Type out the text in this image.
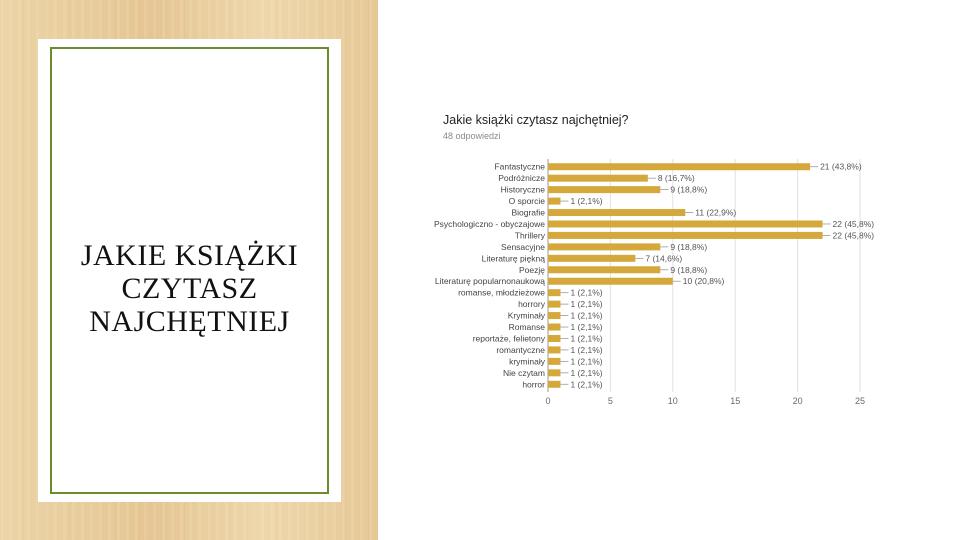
JAKIE KSIĄŻKI
CZYTASZ
NAJCHĘTNIEJ
Jakie książki czytasz najchętniej?
48 odpowiedzi
Fantastyczne	21 (43,8%)
Podróżnicze	8 (16,7%)
Historyczne	9 (18,8%)
O sporcie	1 (2,1%)
Biografie	11 (22,9%)
Psychologiczno - obyczajowe	22 (45,8%)
Thrillery	22 (45,8%)
Sensacyjne	9 (18,8%)
Literaturę piękną	7 (14,6%)
Poezję	9 (18,8%)
Literaturę popularnonaukową	10 (20,8%)
romanse, młodzieżowe	1 (2,1%)
horrory	1 (2,1%)
Kryminały	1 (2,1%)
Romanse	1 (2,1%)
reportaże, felietony	1 (2,1%)
romantyczne	1 (2,1%)
kryminały	1 (2,1%)
Nie czytam	1 (2,1%)
horror	1 (2,1%)
0	5	10	15	20	25
